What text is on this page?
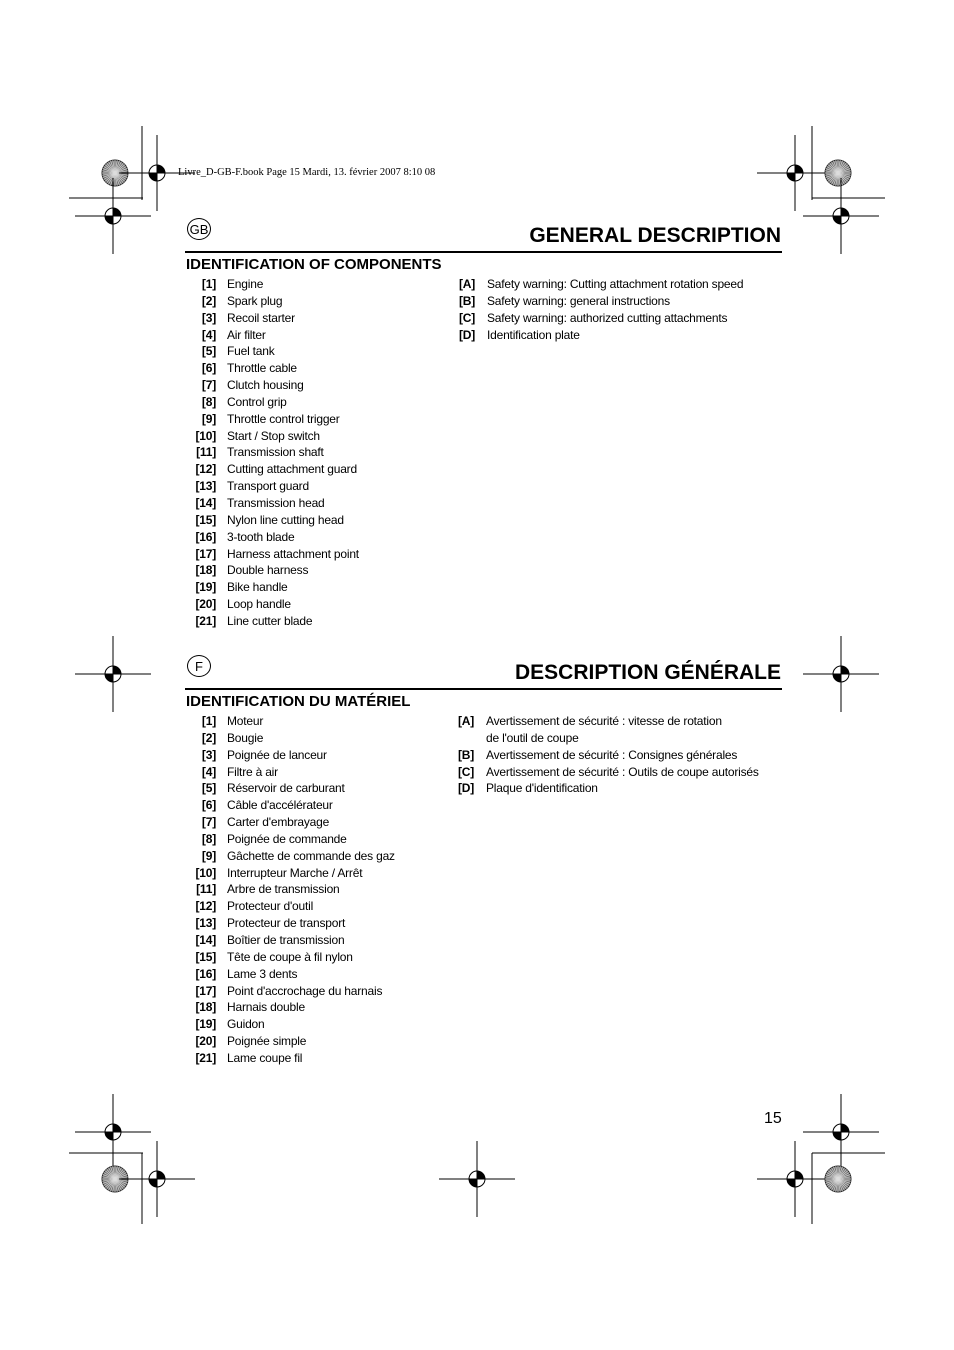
Livre_D-GB-F.book Page 15 Mardi, 13. février 2007 8:10 08
GB	GENERAL DESCRIPTION
IDENTIFICATION OF COMPONENTS
[1] Engine
[2] Spark plug
[3] Recoil starter
[4] Air filter
[5] Fuel tank
[6] Throttle cable
[7] Clutch housing
[8] Control grip
[9] Throttle control trigger
[10] Start / Stop switch
[11] Transmission shaft
[12] Cutting attachment guard
[13] Transport guard
[14] Transmission head
[15] Nylon line cutting head
[16] 3-tooth blade
[17] Harness attachment point
[18] Double harness
[19] Bike handle
[20] Loop handle
[21] Line cutter blade
[A] Safety warning: Cutting attachment rotation speed
[B] Safety warning: general instructions
[C] Safety warning: authorized cutting attachments
[D] Identification plate
F	DESCRIPTION GÉNÉRALE
IDENTIFICATION DU MATÉRIEL
[1] Moteur
[2] Bougie
[3] Poignée de lanceur
[4] Filtre à air
[5] Réservoir de carburant
[6] Câble d'accélérateur
[7] Carter d'embrayage
[8] Poignée de commande
[9] Gâchette de commande des gaz
[10] Interrupteur Marche / Arrêt
[11] Arbre de transmission
[12] Protecteur d'outil
[13] Protecteur de transport
[14] Boîtier de transmission
[15] Tête de coupe à fil nylon
[16] Lame 3 dents
[17] Point d'accrochage du harnais
[18] Harnais double
[19] Guidon
[20] Poignée simple
[21] Lame coupe fil
[A] Avertissement de sécurité : vitesse de rotation
de l'outil de coupe
[B] Avertissement de sécurité : Consignes générales
[C] Avertissement de sécurité : Outils de coupe autorisés
[D] Plaque d'identification
15
